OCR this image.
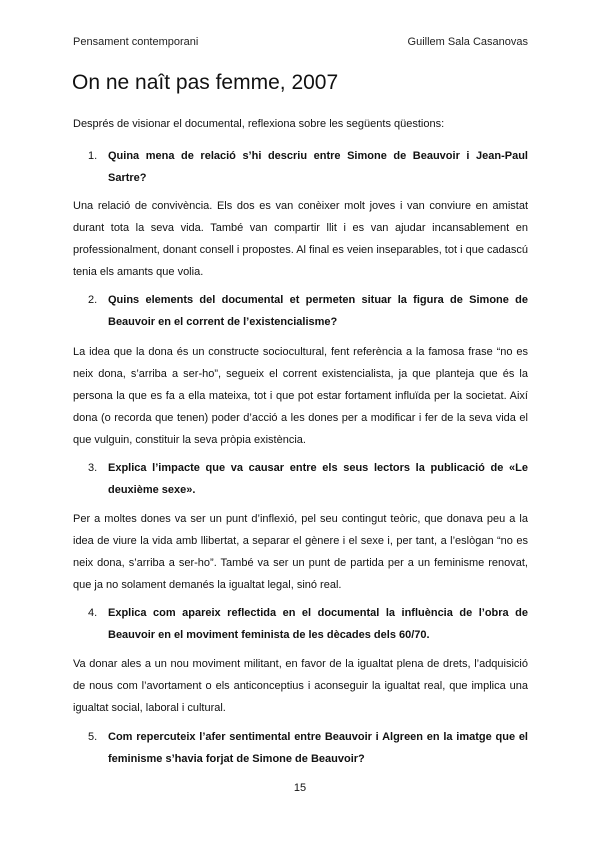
Pensament contemporani	Guillem Sala Casanovas
On ne naît pas femme, 2007

Després de visionar el documental, reflexiona sobre les següents qüestions:

1. Quina mena de relació s’hi descriu entre Simone de Beauvoir i Jean-Paul Sartre?

Una relació de convivència. Els dos es van conèixer molt joves i van conviure en amistat durant tota la seva vida. També van compartir llit i es van ajudar incansablement en professionalment, donant consell i propostes. Al final es veien inseparables, tot i que cadascú tenia els amants que volia.

2. Quins elements del documental et permeten situar la figura de Simone de Beauvoir en el corrent de l’existencialisme?

La idea que la dona és un constructe sociocultural, fent referència a la famosa frase “no es neix dona, s’arriba a ser-ho”, segueix el corrent existencialista, ja que planteja que és la persona la que es fa a ella mateixa, tot i que pot estar fortament influïda per la societat. Així dona (o recorda que tenen) poder d’acció a les dones per a modificar i fer de la seva vida el que vulguin, constituir la seva pròpia existència.

3. Explica l’impacte que va causar entre els seus lectors la publicació de «Le deuxième sexe».

Per a moltes dones va ser un punt d’inflexió, pel seu contingut teòric, que donava peu a la idea de viure la vida amb llibertat, a separar el gènere i el sexe i, per tant, a l’eslògan “no es neix dona, s’arriba a ser-ho”. També va ser un punt de partida per a un feminisme renovat, que ja no solament demanés la igualtat legal, sinó real.

4. Explica com apareix reflectida en el documental la influència de l’obra de Beauvoir en el moviment feminista de les dècades dels 60/70.

Va donar ales a un nou moviment militant, en favor de la igualtat plena de drets, l’adquisició de nous com l’avortament o els anticonceptius i aconseguir la igualtat real, que implica una igualtat social, laboral i cultural.

5. Com repercuteix l’afer sentimental entre Beauvoir i Algreen en la imatge que el feminisme s’havia forjat de Simone de Beauvoir?
15
